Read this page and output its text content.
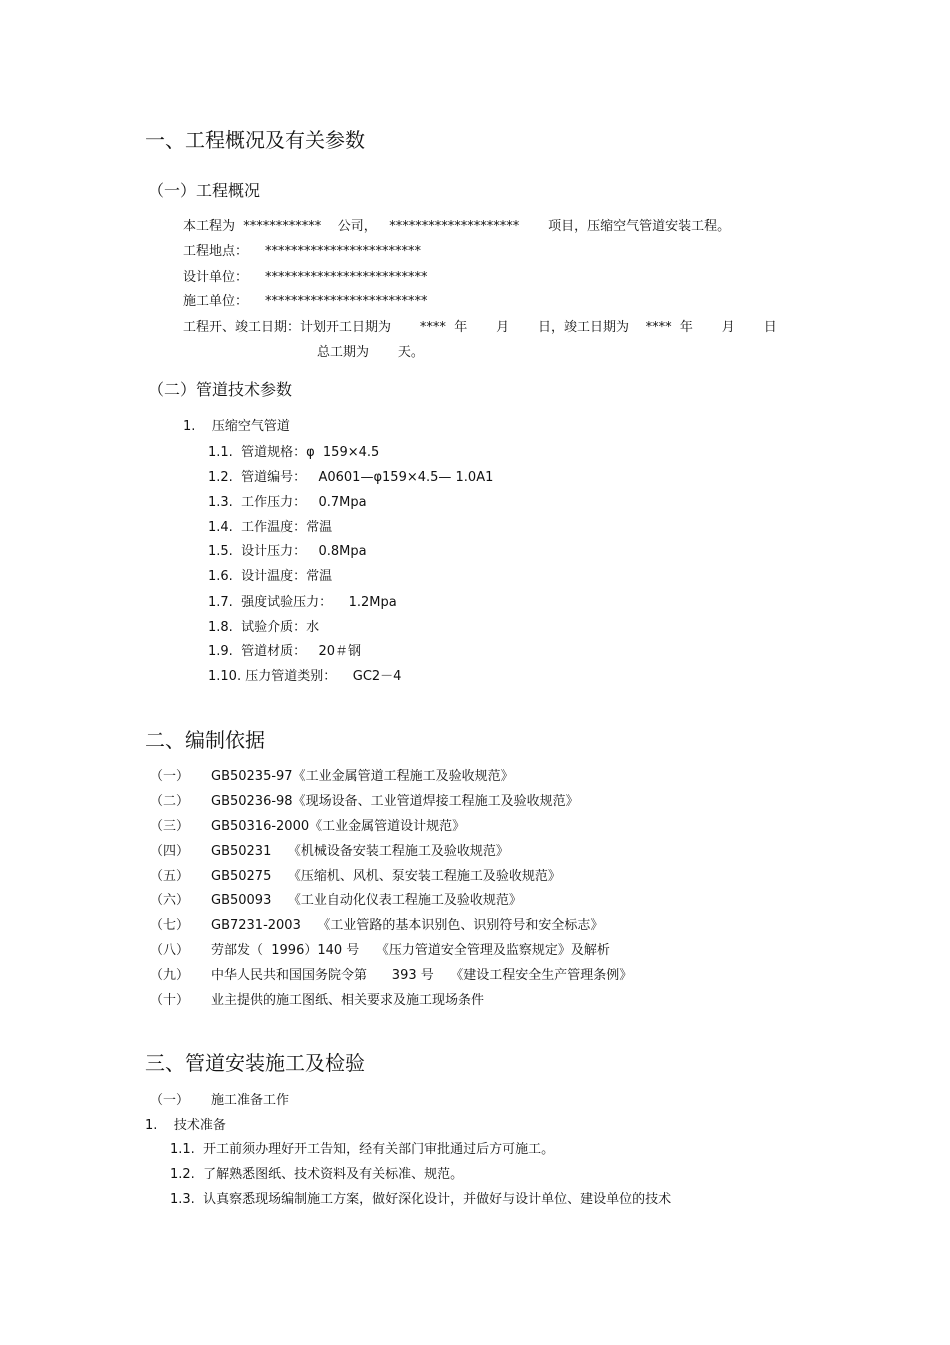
一、工程概况及有关参数
（一）工程概况
本工程为  ************    公司，   ********************       项目，压缩空气管道安装工程。
工程地点： ************************
设计单位： *************************
施工单位： *************************
工程开、竣工日期：计划开工日期为       ****  年       月       日，竣工日期为    ****  年       月       日
总工期为       天。
（二）管道技术参数
1.    压缩空气管道
1.1.  管道规格：φ  159×4.5
1.2.  管道编号：   A0601—φ159×4.5— 1.0A1
1.3.  工作压力：   0.7Mpa
1.4.  工作温度：常温
1.5.  设计压力：   0.8Mpa
1.6.  设计温度：常温
1.7.  强度试验压力：    1.2Mpa
1.8.  试验介质：水
1.9.  管道材质：   20＃钢
1.10. 压力管道类别：    GC2－4
二、编制依据
（一） GB50235-97《工业金属管道工程施工及验收规范》
（二） GB50236-98《现场设备、工业管道焊接工程施工及验收规范》
（三） GB50316-2000《工业金属管道设计规范》
（四） GB50231    《机械设备安装工程施工及验收规范》
（五） GB50275    《压缩机、风机、泵安装工程施工及验收规范》
（六） GB50093    《工业自动化仪表工程施工及验收规范》
（七） GB7231-2003    《工业管路的基本识别色、识别符号和安全标志》
（八） 劳部发（  1996）140 号    《压力管道安全管理及监察规定》及解析
（九） 中华人民共和国国务院令第      393 号    《建设工程安全生产管理条例》
（十） 业主提供的施工图纸、相关要求及施工现场条件
三、管道安装施工及检验
（一） 施工准备工作
1.    技术准备
1.1.  开工前须办理好开工告知，经有关部门审批通过后方可施工。
1.2.  了解熟悉图纸、技术资料及有关标准、规范。
1.3.  认真察悉现场编制施工方案，做好深化设计，并做好与设计单位、建设单位的技术
